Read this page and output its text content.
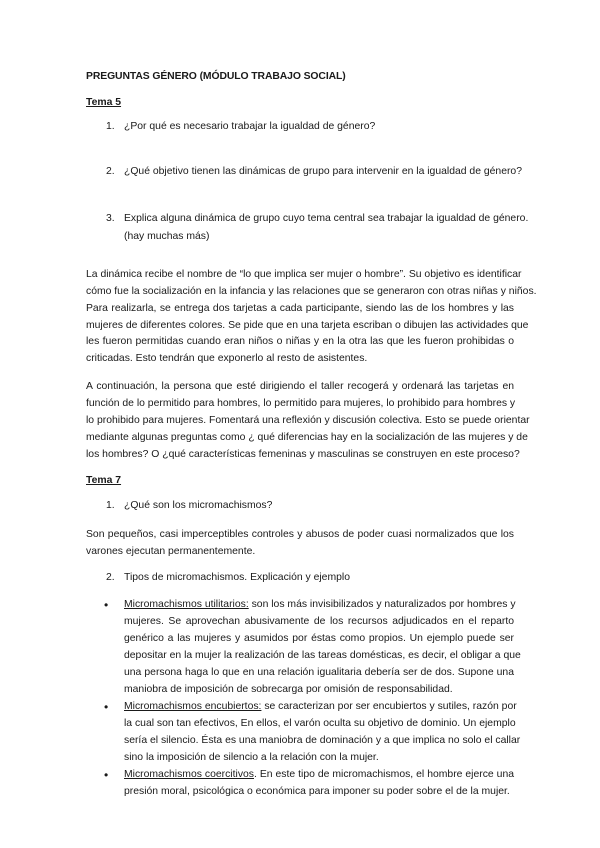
PREGUNTAS GÉNERO (MÓDULO TRABAJO SOCIAL)
Tema 5
1. ¿Por qué es necesario trabajar la igualdad de género?
2. ¿Qué objetivo tienen las dinámicas de grupo para intervenir en la igualdad de género?
3. Explica alguna dinámica de grupo cuyo tema central sea trabajar la igualdad de género.
(hay muchas más)
La dinámica recibe el nombre de “lo que implica ser mujer o hombre”. Su objetivo es identificar
cómo fue la socialización en la infancia y las relaciones que se generaron con otras niñas y niños.
Para realizarla, se entrega dos tarjetas a cada participante, siendo las de los hombres y las
mujeres de diferentes colores. Se pide que en una tarjeta escriban o dibujen las actividades que
les fueron permitidas cuando eran niños o niñas y en la otra las que les fueron prohibidas o
criticadas. Esto tendrán que exponerlo al resto de asistentes.
A continuación, la persona que esté dirigiendo el taller recogerá y ordenará las tarjetas en
función de lo permitido para hombres, lo permitido para mujeres, lo prohibido para hombres y
lo prohibido para mujeres. Fomentará una reflexión y discusión colectiva. Esto se puede orientar
mediante algunas preguntas como ¿ qué diferencias hay en la socialización de las mujeres y de
los hombres? O ¿qué características femeninas y masculinas se construyen en este proceso?
Tema 7
1. ¿Qué son los micromachismos?
Son pequeños, casi imperceptibles controles y abusos de poder cuasi normalizados que los
varones ejecutan permanentemente.
2. Tipos de micromachismos. Explicación y ejemplo
• Micromachismos utilitarios: son los más invisibilizados y naturalizados por hombres y
mujeres. Se aprovechan abusivamente de los recursos adjudicados en el reparto
genérico a las mujeres y asumidos por éstas como propios. Un ejemplo puede ser
depositar en la mujer la realización de las tareas domésticas, es decir, el obligar a que
una persona haga lo que en una relación igualitaria debería ser de dos. Supone una
maniobra de imposición de sobrecarga por omisión de responsabilidad.
• Micromachismos encubiertos: se caracterizan por ser encubiertos y sutiles, razón por
la cual son tan efectivos, En ellos, el varón oculta su objetivo de dominio. Un ejemplo
sería el silencio. Ésta es una maniobra de dominación y a que implica no solo el callar
sino la imposición de silencio a la relación con la mujer.
• Micromachismos coercitivos. En este tipo de micromachismos, el hombre ejerce una
presión moral, psicológica o económica para imponer su poder sobre el de la mujer.
